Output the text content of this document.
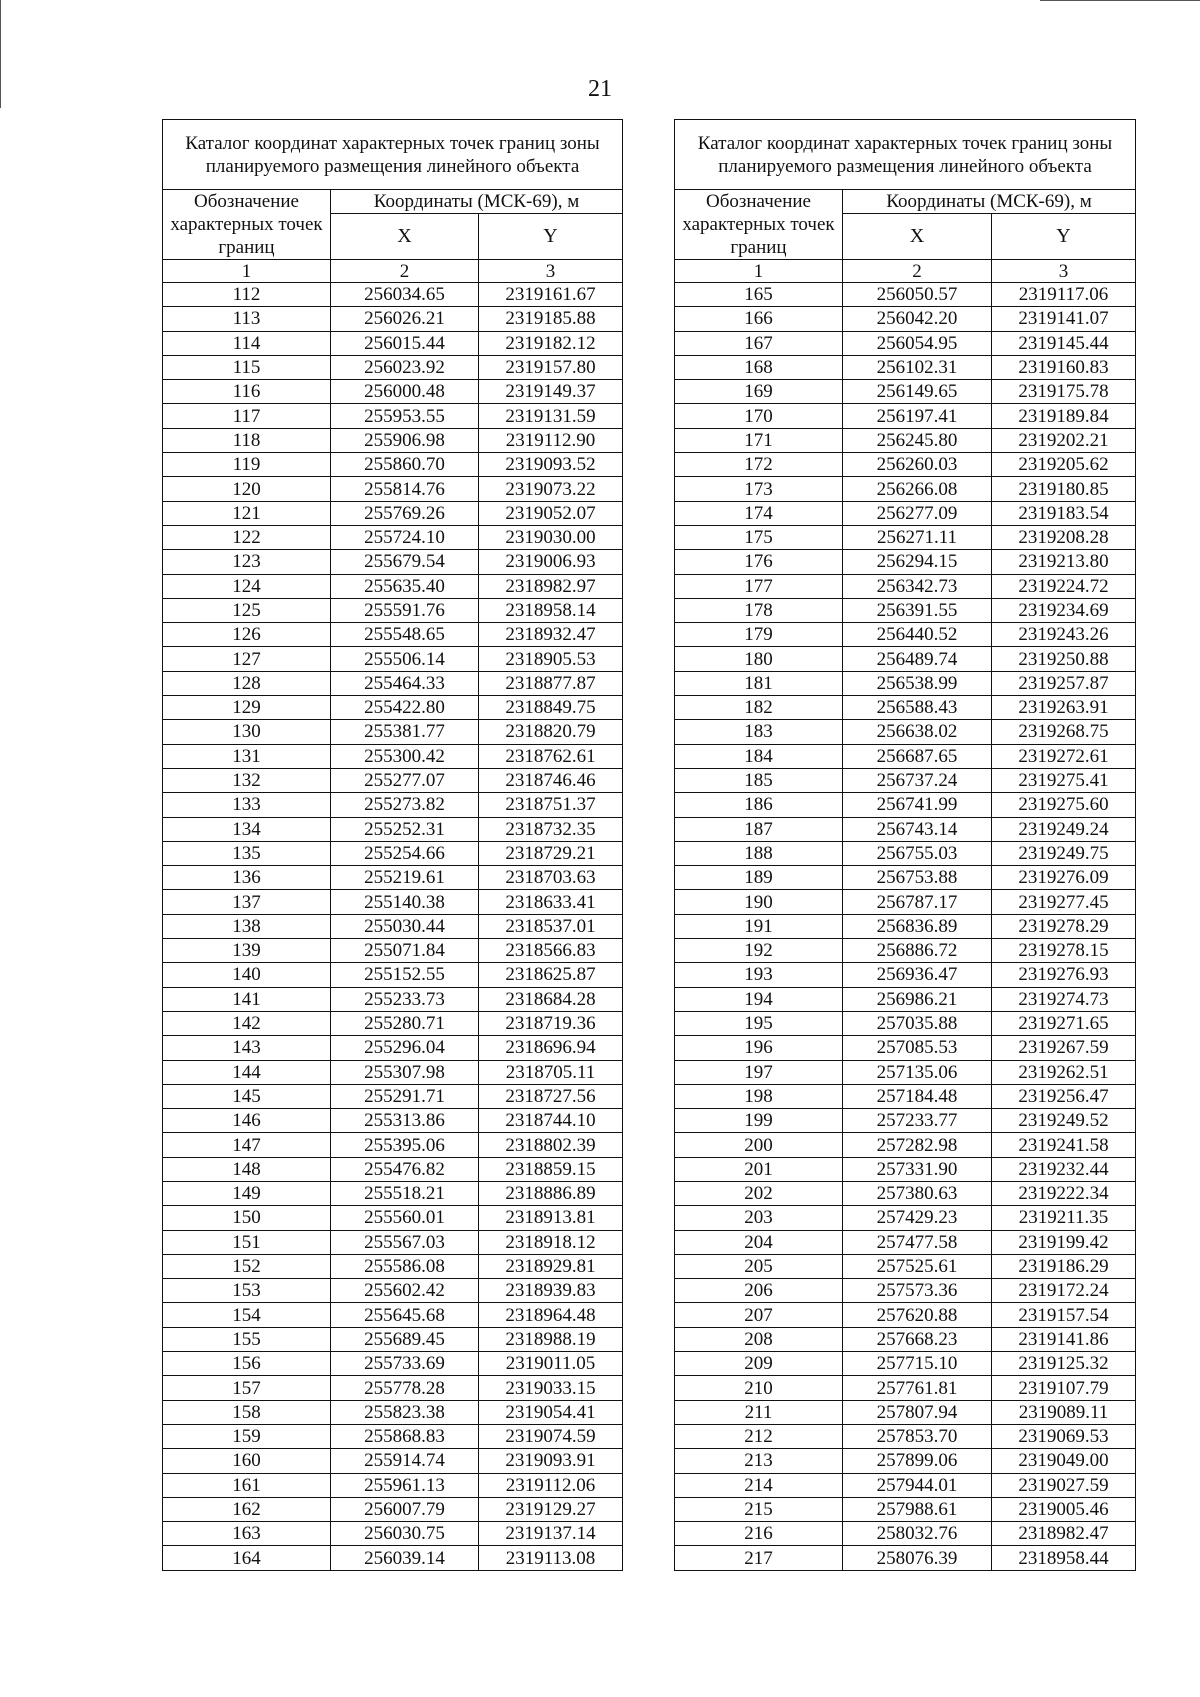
21
Каталог координат характерных точек границ зоны планируемого размещения линейного объекта		
Обозначение характерных точек границ	Координаты (МСК-69), м	
	X	Y
1	2	3
112	256034.65	2319161.67
113	256026.21	2319185.88
114	256015.44	2319182.12
115	256023.92	2319157.80
116	256000.48	2319149.37
117	255953.55	2319131.59
118	255906.98	2319112.90
119	255860.70	2319093.52
120	255814.76	2319073.22
121	255769.26	2319052.07
122	255724.10	2319030.00
123	255679.54	2319006.93
124	255635.40	2318982.97
125	255591.76	2318958.14
126	255548.65	2318932.47
127	255506.14	2318905.53
128	255464.33	2318877.87
129	255422.80	2318849.75
130	255381.77	2318820.79
131	255300.42	2318762.61
132	255277.07	2318746.46
133	255273.82	2318751.37
134	255252.31	2318732.35
135	255254.66	2318729.21
136	255219.61	2318703.63
137	255140.38	2318633.41
138	255030.44	2318537.01
139	255071.84	2318566.83
140	255152.55	2318625.87
141	255233.73	2318684.28
142	255280.71	2318719.36
143	255296.04	2318696.94
144	255307.98	2318705.11
145	255291.71	2318727.56
146	255313.86	2318744.10
147	255395.06	2318802.39
148	255476.82	2318859.15
149	255518.21	2318886.89
150	255560.01	2318913.81
151	255567.03	2318918.12
152	255586.08	2318929.81
153	255602.42	2318939.83
154	255645.68	2318964.48
155	255689.45	2318988.19
156	255733.69	2319011.05
157	255778.28	2319033.15
158	255823.38	2319054.41
159	255868.83	2319074.59
160	255914.74	2319093.91
161	255961.13	2319112.06
162	256007.79	2319129.27
163	256030.75	2319137.14
164	256039.14	2319113.08
Каталог координат характерных точек границ зоны планируемого размещения линейного объекта		
Обозначение характерных точек границ	Координаты (МСК-69), м	
	X	Y
1	2	3
165	256050.57	2319117.06
166	256042.20	2319141.07
167	256054.95	2319145.44
168	256102.31	2319160.83
169	256149.65	2319175.78
170	256197.41	2319189.84
171	256245.80	2319202.21
172	256260.03	2319205.62
173	256266.08	2319180.85
174	256277.09	2319183.54
175	256271.11	2319208.28
176	256294.15	2319213.80
177	256342.73	2319224.72
178	256391.55	2319234.69
179	256440.52	2319243.26
180	256489.74	2319250.88
181	256538.99	2319257.87
182	256588.43	2319263.91
183	256638.02	2319268.75
184	256687.65	2319272.61
185	256737.24	2319275.41
186	256741.99	2319275.60
187	256743.14	2319249.24
188	256755.03	2319249.75
189	256753.88	2319276.09
190	256787.17	2319277.45
191	256836.89	2319278.29
192	256886.72	2319278.15
193	256936.47	2319276.93
194	256986.21	2319274.73
195	257035.88	2319271.65
196	257085.53	2319267.59
197	257135.06	2319262.51
198	257184.48	2319256.47
199	257233.77	2319249.52
200	257282.98	2319241.58
201	257331.90	2319232.44
202	257380.63	2319222.34
203	257429.23	2319211.35
204	257477.58	2319199.42
205	257525.61	2319186.29
206	257573.36	2319172.24
207	257620.88	2319157.54
208	257668.23	2319141.86
209	257715.10	2319125.32
210	257761.81	2319107.79
211	257807.94	2319089.11
212	257853.70	2319069.53
213	257899.06	2319049.00
214	257944.01	2319027.59
215	257988.61	2319005.46
216	258032.76	2318982.47
217	258076.39	2318958.44
